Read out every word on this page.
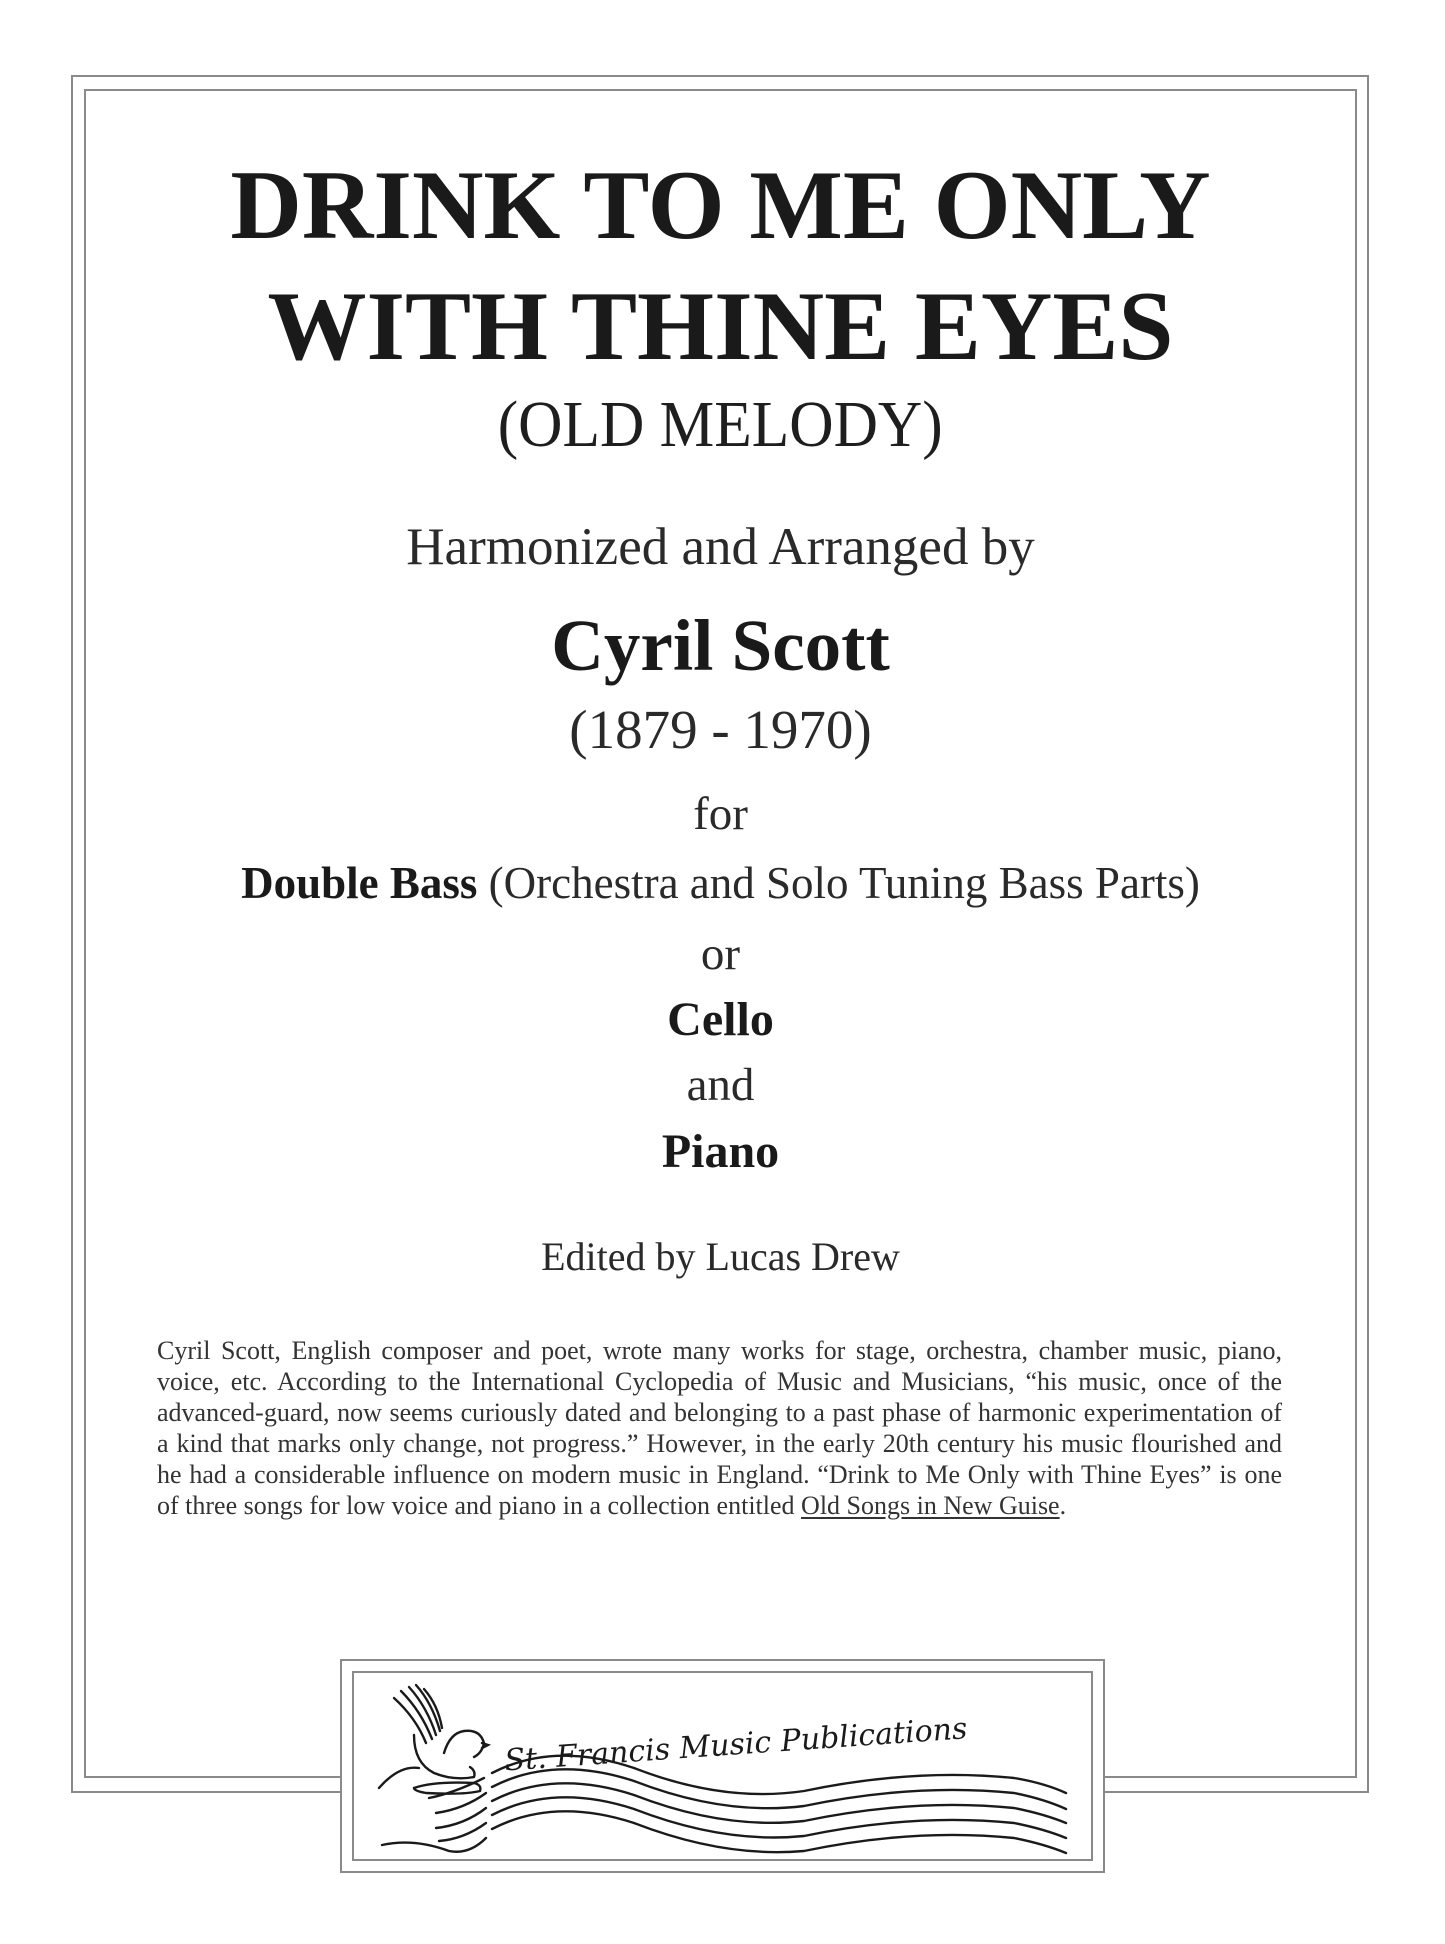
DRINK TO ME ONLY
WITH THINE EYES
(OLD MELODY)
Harmonized and Arranged by
Cyril Scott
(1879 - 1970)
for
Double Bass (Orchestra and Solo Tuning Bass Parts)
or
Cello
and
Piano
Edited by Lucas Drew

Cyril Scott, English composer and poet, wrote many works for stage, orchestra, chamber music, piano, voice, etc. According to the International Cyclopedia of Music and Musicians, “his music, once of the advanced-guard, now seems curiously dated and belonging to a past phase of harmonic experimentation of a kind that marks only change, not progress.” However, in the early 20th century his music flourished and he had a considerable influence on modern music in England. “Drink to Me Only with Thine Eyes” is one of three songs for low voice and piano in a collection entitled Old Songs in New Guise.

St. Francis Music Publications
